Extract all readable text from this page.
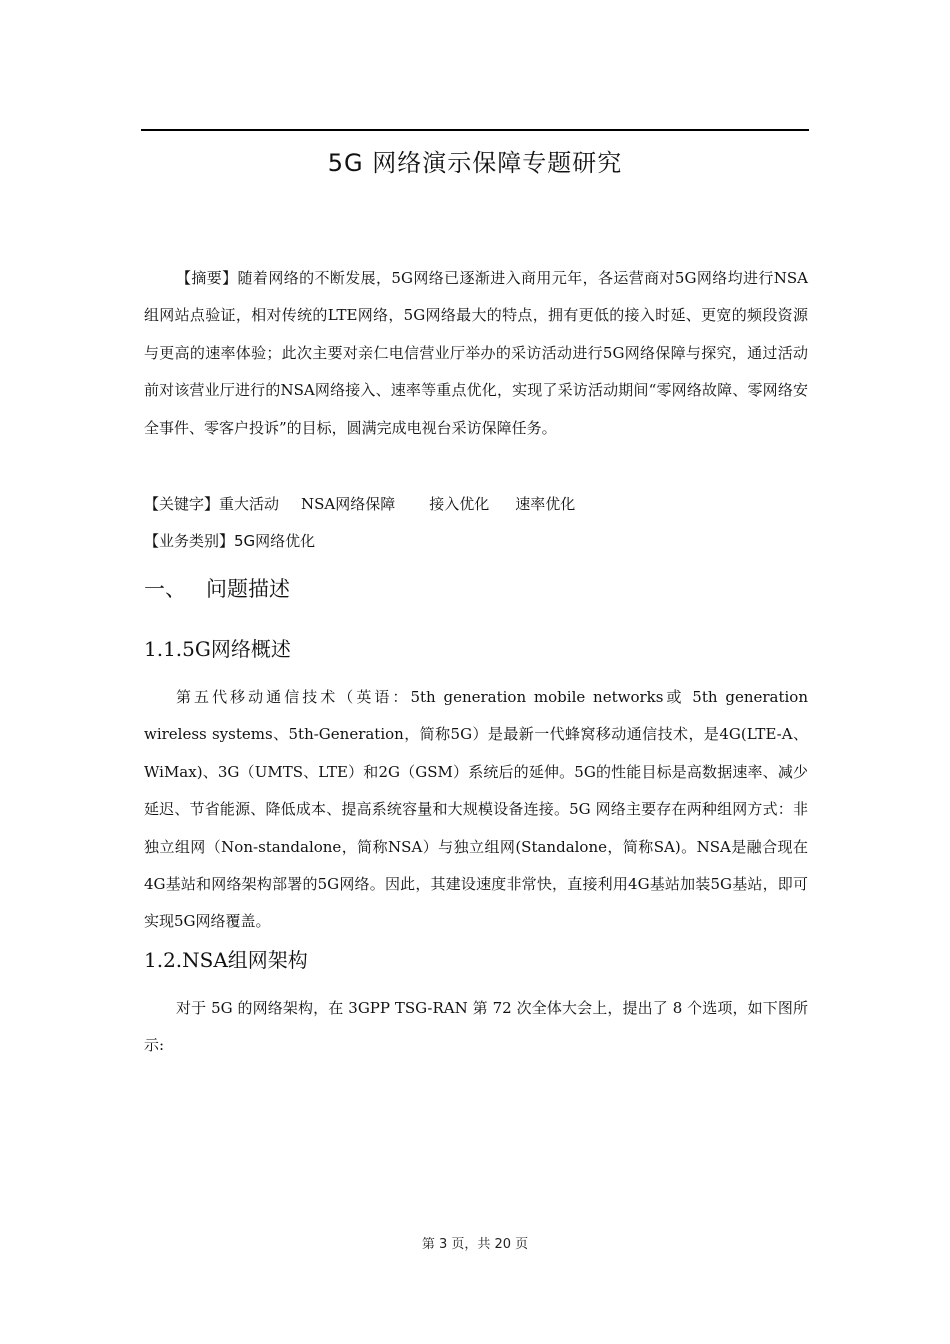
5G 网络演示保障专题研究

【摘要】随着网络的不断发展，5G网络已逐渐进入商用元年，各运营商对5G网络均进行NSA组网站点验证，相对传统的LTE网络，5G网络最大的特点，拥有更低的接入时延、更宽的频段资源与更高的速率体验；此次主要对亲仁电信营业厅举办的采访活动进行5G网络保障与探究，通过活动前对该营业厅进行的NSA网络接入、速率等重点优化，实现了采访活动期间“零网络故障、零网络安全事件、零客户投诉”的目标，圆满完成电视台采访保障任务。

【关键字】重大活动 NSA网络保障 接入优化 速率优化
【业务类别】5G网络优化
一、 问题描述
1.1.5G网络概述

第五代移动通信技术（英语：5th generation mobile networks或 5th generation wireless systems、5th-Generation，简称5G）是最新一代蜂窝移动通信技术，是4G(LTE-A、WiMax)、3G（UMTS、LTE）和2G（GSM）系统后的延伸。5G的性能目标是高数据速率、减少延迟、节省能源、降低成本、提高系统容量和大规模设备连接。5G 网络主要存在两种组网方式：非独立组网（Non-standalone，简称NSA）与独立组网(Standalone，简称SA)。NSA是融合现在4G基站和网络架构部署的5G网络。因此，其建设速度非常快，直接利用4G基站加装5G基站，即可实现5G网络覆盖。

1.2.NSA组网架构

对于 5G 的网络架构，在 3GPP TSG-RAN 第 72 次全体大会上，提出了 8 个选项，如下图所示:

第 3 页，共 20 页
